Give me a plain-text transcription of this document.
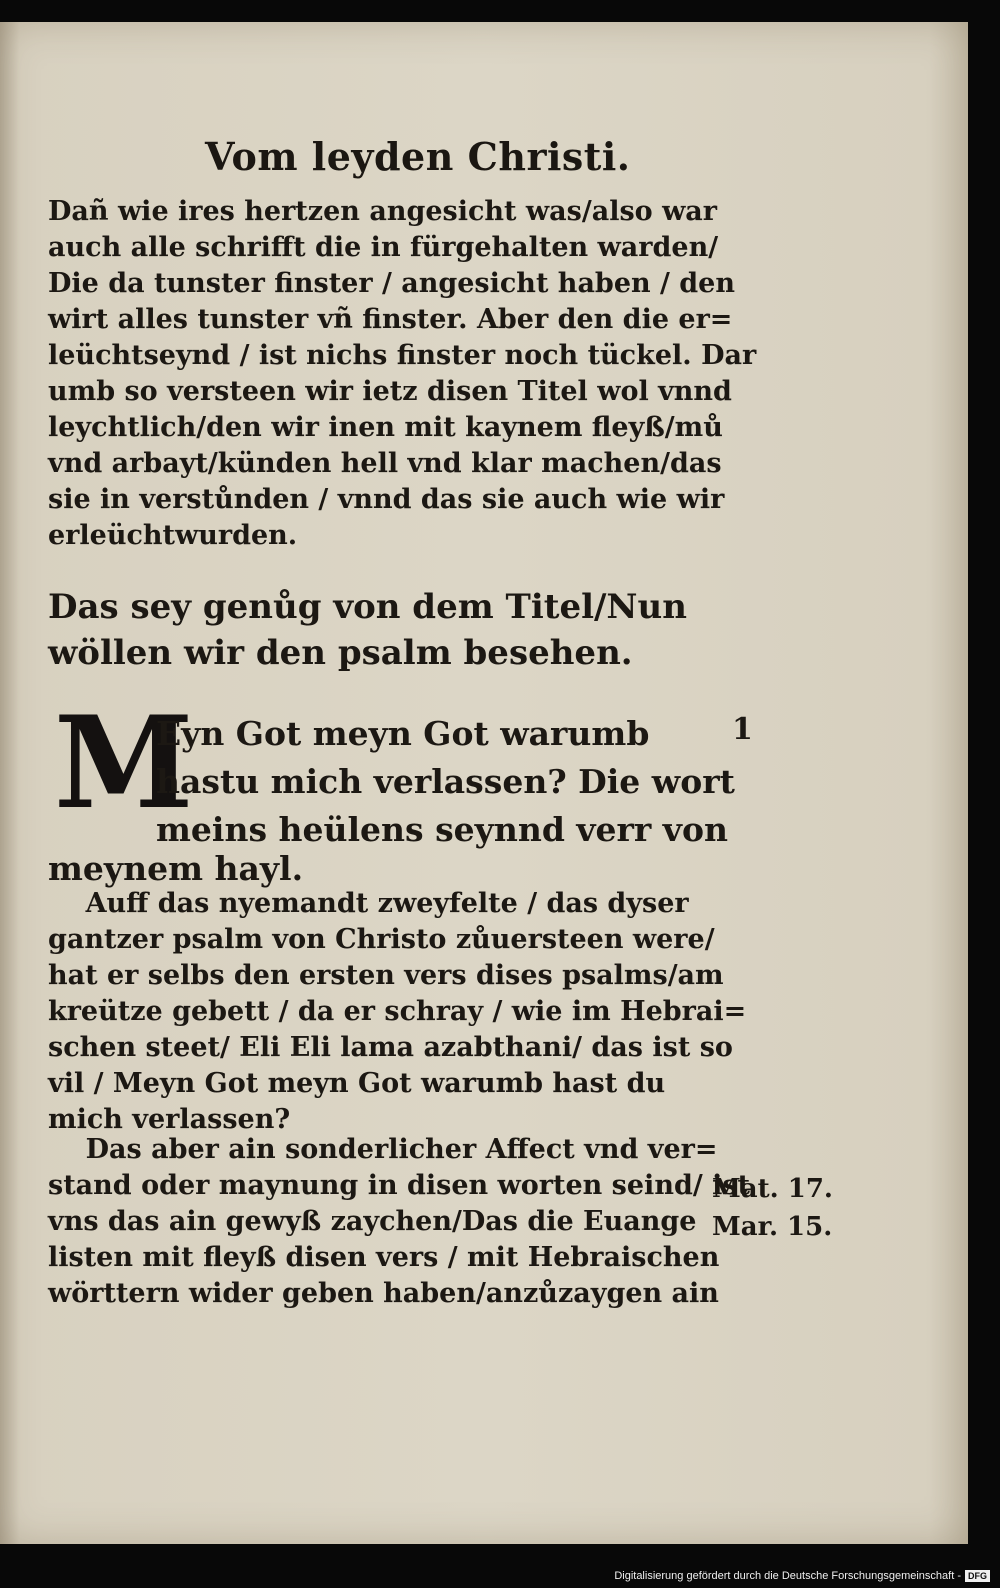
Vom leyden Christi.
Dañ wie ires hertzen angesicht was/also war
auch alle schrifft die in fürgehalten warden/
Die da tunster finster / angesicht haben / den
wirt alles tunster vñ finster. Aber den die er=
leüchtseynd / ist nichs finster noch tückel. Dar
umb so versteen wir ietz disen Titel wol vnnd
leychtlich/den wir inen mit kaynem fleyß/mů
vnd arbayt/künden hell vnd klar machen/das
sie in verstůnden / vnnd das sie auch wie wir
erleüchtwurden.
Das sey genůg von dem Titel/Nun
wöllen wir den psalm besehen.
M
Eyn Got meyn Got warumb
hastu mich verlassen? Die wort
meins heülens seynnd verr von
meynem hayl.
Auff das nyemandt zweyfelte / das dyser
gantzer psalm von Christo zůuersteen were/
hat er selbs den ersten vers dises psalms/am
kreütze gebett / da er schray / wie im Hebrai=
schen steet/ Eli Eli lama azabthani/ das ist so
vil / Meyn Got meyn Got warumb hast du
mich verlassen?
Das aber ain sonderlicher Affect vnd ver=
stand oder maynung in disen worten seind/ ist
vns das ain gewyß zaychen/Das die Euange
listen mit fleyß disen vers / mit Hebraischen
wörttern wider geben haben/anzůzaygen ain
1
Mat. 17.
Mar. 15.
Digitalisierung gefördert durch die Deutsche Forschungsgemeinschaft - DFG
